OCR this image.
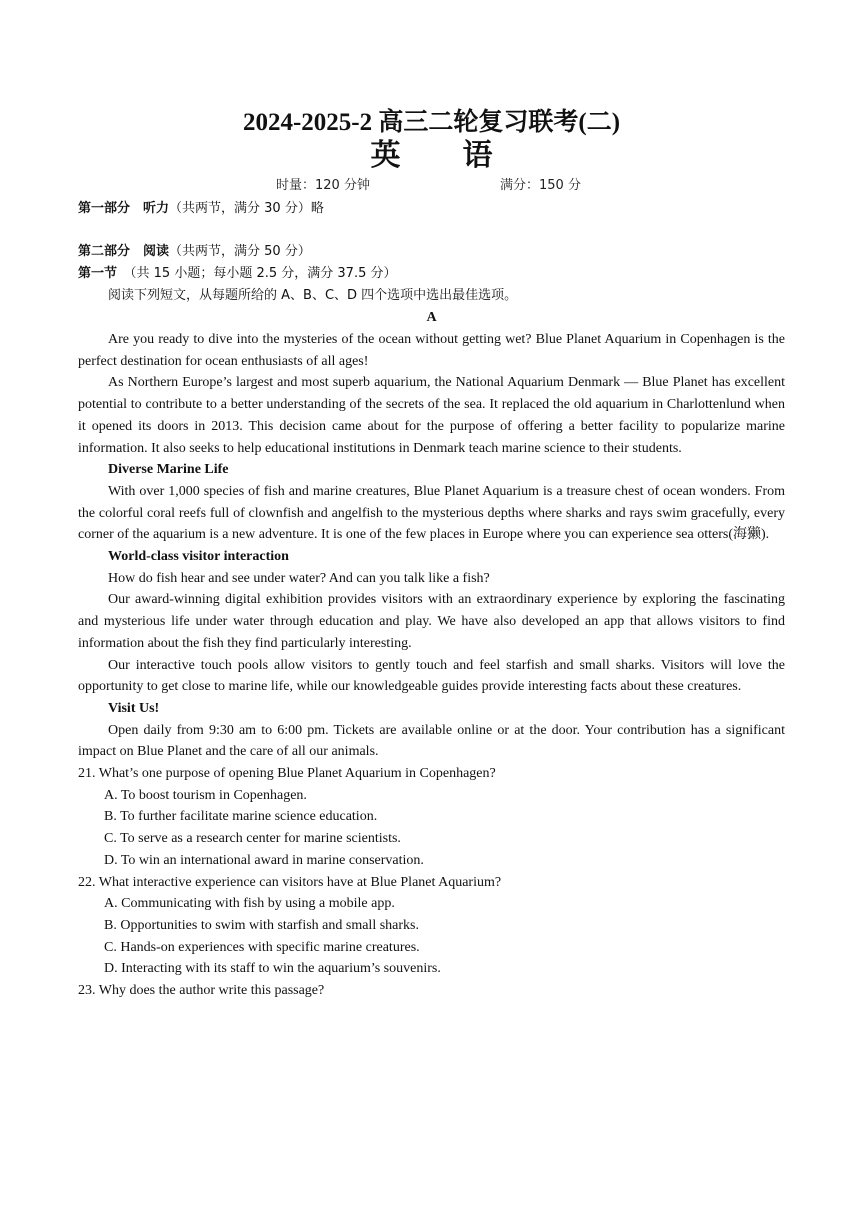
2024-2025-2 高三二轮复习联考(二)
英 语
时量：120 分钟	满分：150 分
第一部分　听力（共两节，满分 30 分）略
第二部分　阅读（共两节，满分 50 分）
第一节　 （共 15 小题；每小题 2.5 分，满分 37.5 分）
阅读下列短文，从每题所给的 A、B、C、D 四个选项中选出最佳选项。
A

Are you ready to dive into the mysteries of the ocean without getting wet? Blue Planet Aquarium in Copenhagen is the perfect destination for ocean enthusiasts of all ages!

As Northern Europe’s largest and most superb aquarium, the National Aquarium Denmark — Blue Planet has excellent potential to contribute to a better understanding of the secrets of the sea. It replaced the old aquarium in Charlottenlund when it opened its doors in 2013. This decision came about for the purpose of offering a better facility to popularize marine information. It also seeks to help educational institutions in Denmark teach marine science to their students.

Diverse Marine Life

With over 1,000 species of fish and marine creatures, Blue Planet Aquarium is a treasure chest of ocean wonders. From the colorful coral reefs full of clownfish and angelfish to the mysterious depths where sharks and rays swim gracefully, every corner of the aquarium is a new adventure. It is one of the few places in Europe where you can experience sea otters(海獭).

World-class visitor interaction

How do fish hear and see under water? And can you talk like a fish?

Our award-winning digital exhibition provides visitors with an extraordinary experience by exploring the fascinating and mysterious life under water through education and play. We have also developed an app that allows visitors to find information about the fish they find particularly interesting.

Our interactive touch pools allow visitors to gently touch and feel starfish and small sharks. Visitors will love the opportunity to get close to marine life, while our knowledgeable guides provide interesting facts about these creatures.

Visit Us!

Open daily from 9:30 am to 6:00 pm. Tickets are available online or at the door. Your contribution has a significant impact on Blue Planet and the care of all our animals.

21. What’s one purpose of opening Blue Planet Aquarium in Copenhagen?

A. To boost tourism in Copenhagen.

B. To further facilitate marine science education.

C. To serve as a research center for marine scientists.

D. To win an international award in marine conservation.

22. What interactive experience can visitors have at Blue Planet Aquarium?

A. Communicating with fish by using a mobile app.

B. Opportunities to swim with starfish and small sharks.

C. Hands-on experiences with specific marine creatures.

D. Interacting with its staff to win the aquarium’s souvenirs.

23. Why does the author write this passage?
